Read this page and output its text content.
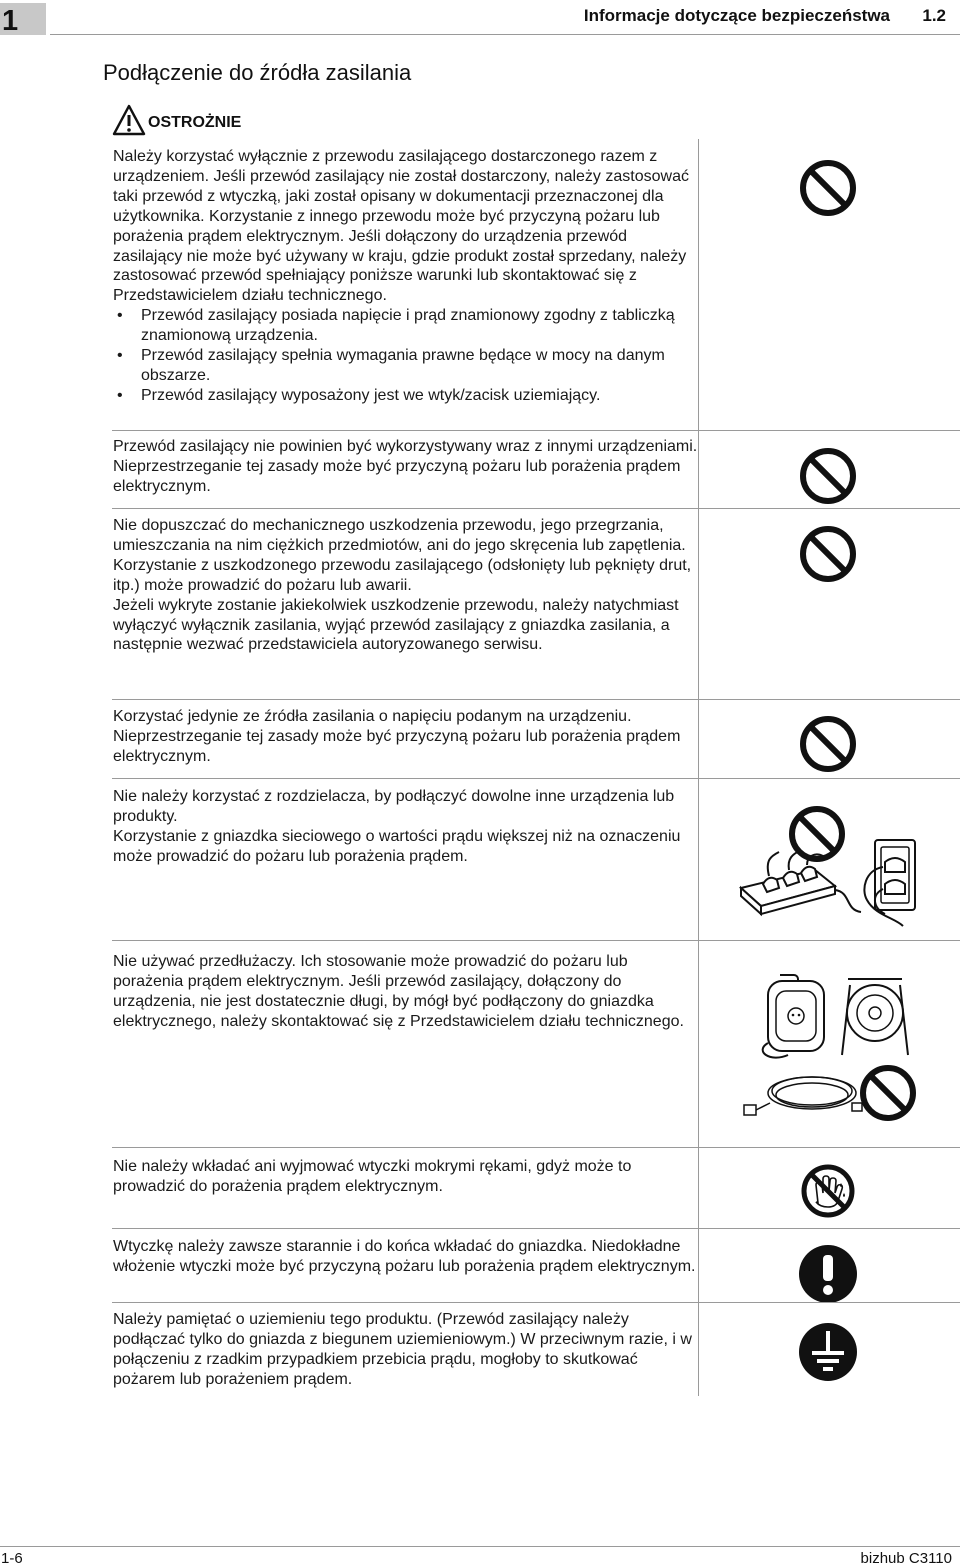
1	Informacje dotyczące bezpieczeństwa 1.2
Podłączenie do źródła zasilania
OSTROŻNIE

Należy korzystać wyłącznie z przewodu zasilającego dostarczonego razem z urządzeniem. Jeśli przewód zasilający nie został dostarczony, należy zastosować taki przewód z wtyczką, jaki został opisany w dokumentacji przeznaczonej dla użytkownika. Korzystanie z innego przewodu może być przyczyną pożaru lub porażenia prądem elektrycznym. Jeśli dołączony do urządzenia przewód zasilający nie może być używany w kraju, gdzie produkt został sprzedany, należy zastosować przewód spełniający poniższe warunki lub skontaktować się z Przedstawicielem działu technicznego.

• Przewód zasilający posiada napięcie i prąd znamionowy zgodny z tabliczką znamionową urządzenia.
• Przewód zasilający spełnia wymagania prawne będące w mocy na danym obszarze.
• Przewód zasilający wyposażony jest we wtyk/zacisk uziemiający.
Przewód zasilający nie powinien być wykorzystywany wraz z innymi urządzeniami. Nieprzestrzeganie tej zasady może być przyczyną pożaru lub porażenia prądem elektrycznym.

Nie dopuszczać do mechanicznego uszkodzenia przewodu, jego przegrzania, umieszczania na nim ciężkich przedmiotów, ani do jego skręcenia lub zapętlenia. Korzystanie z uszkodzonego przewodu zasilającego (odsłonięty lub pęknięty drut, itp.) może prowadzić do pożaru lub awarii.

Jeżeli wykryte zostanie jakiekolwiek uszkodzenie przewodu, należy natychmiast wyłączyć wyłącznik zasilania, wyjąć przewód zasilający z gniazdka zasilania, a następnie wezwać przedstawiciela autoryzowanego serwisu.

Korzystać jedynie ze źródła zasilania o napięciu podanym na urządzeniu. Nieprzestrzeganie tej zasady może być przyczyną pożaru lub porażenia prądem elektrycznym.

Nie należy korzystać z rozdzielacza, by podłączyć dowolne inne urządzenia lub produkty.

Korzystanie z gniazdka sieciowego o wartości prądu większej niż na oznaczeniu może prowadzić do pożaru lub porażenia prądem.

Nie używać przedłużaczy. Ich stosowanie może prowadzić do pożaru lub porażenia prądem elektrycznym. Jeśli przewód zasilający, dołączony do urządzenia, nie jest dostatecznie długi, by mógł być podłączony do gniazdka elektrycznego, należy skontaktować się z Przedstawicielem działu technicznego.
Nie należy wkładać ani wyjmować wtyczki mokrymi rękami, gdyż może to prowadzić do porażenia prądem elektrycznym.
Wtyczkę należy zawsze starannie i do końca wkładać do gniazdka. Niedokładne włożenie wtyczki może być przyczyną pożaru lub porażenia prądem elektrycznym.
Należy pamiętać o uziemieniu tego produktu. (Przewód zasilający należy podłączać tylko do gniazda z biegunem uziemieniowym.) W przeciwnym razie, i w połączeniu z rzadkim przypadkiem przebicia prądu, mogłoby to skutkować pożarem lub porażeniem prądem.
1-6	bizhub C3110
